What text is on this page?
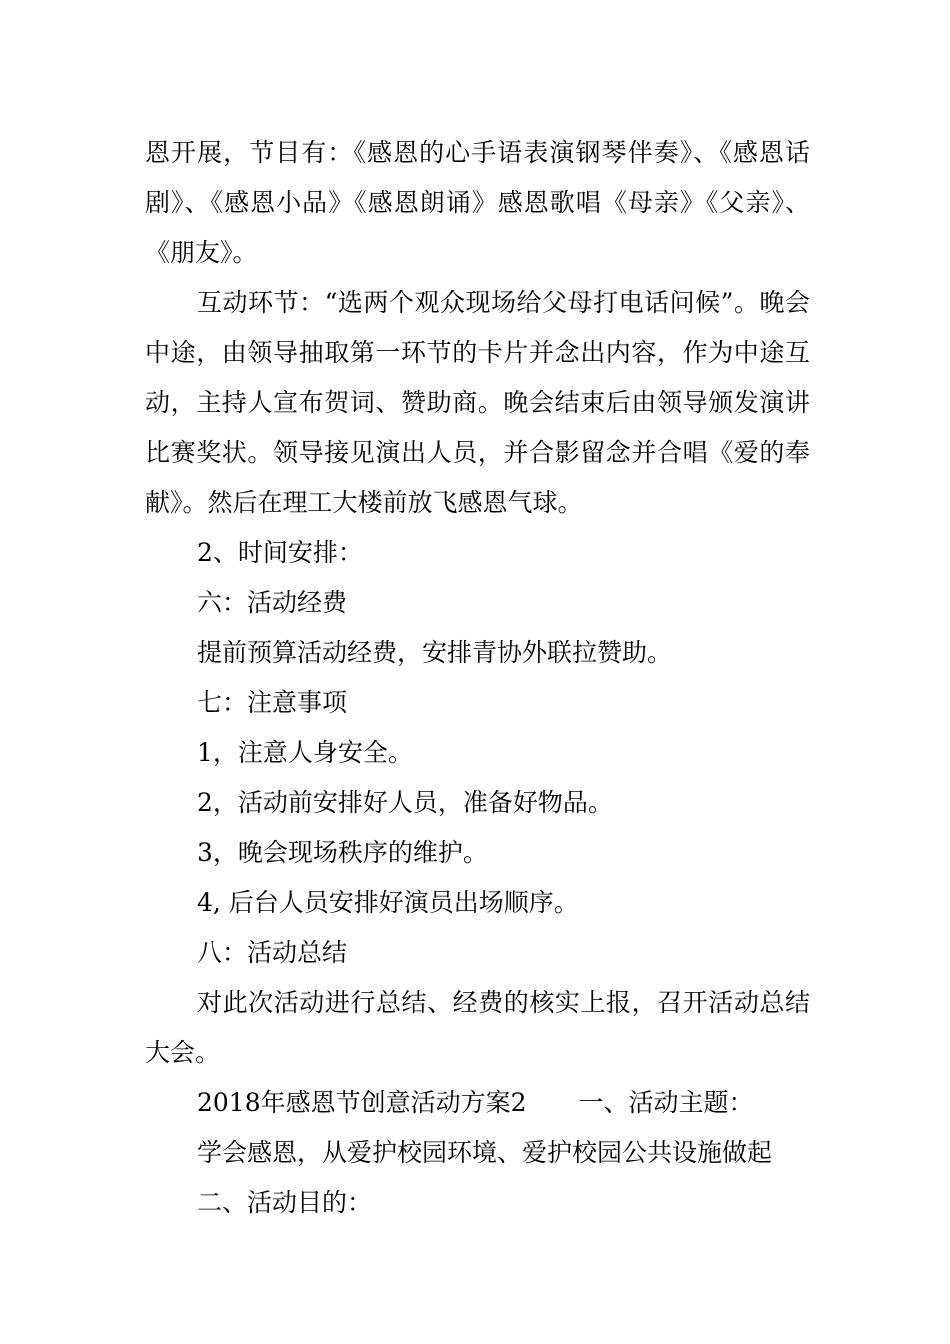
恩开展，节目有：《感恩的心手语表演钢琴伴奏》、《感恩话剧》、《感恩小品》《感恩朗诵》感恩歌唱《母亲》《父亲》、《朋友》。

互动环节：“选两个观众现场给父母打电话问候”。晚会中途，由领导抽取第一环节的卡片并念出内容，作为中途互动，主持人宣布贺词、赞助商。晚会结束后由领导颁发演讲比赛奖状。领导接见演出人员，并合影留念并合唱《爱的奉献》。然后在理工大楼前放飞感恩气球。

2、时间安排：

六：活动经费

提前预算活动经费，安排青协外联拉赞助。

七：注意事项

1，注意人身安全。

2，活动前安排好人员，准备好物品。

3，晚会现场秩序的维护。

4, 后台人员安排好演员出场顺序。

八：活动总结

对此次活动进行总结、经费的核实上报，召开活动总结大会。

2018年感恩节创意活动方案2 一、活动主题：

学会感恩，从爱护校园环境、爱护校园公共设施做起

二、活动目的：
